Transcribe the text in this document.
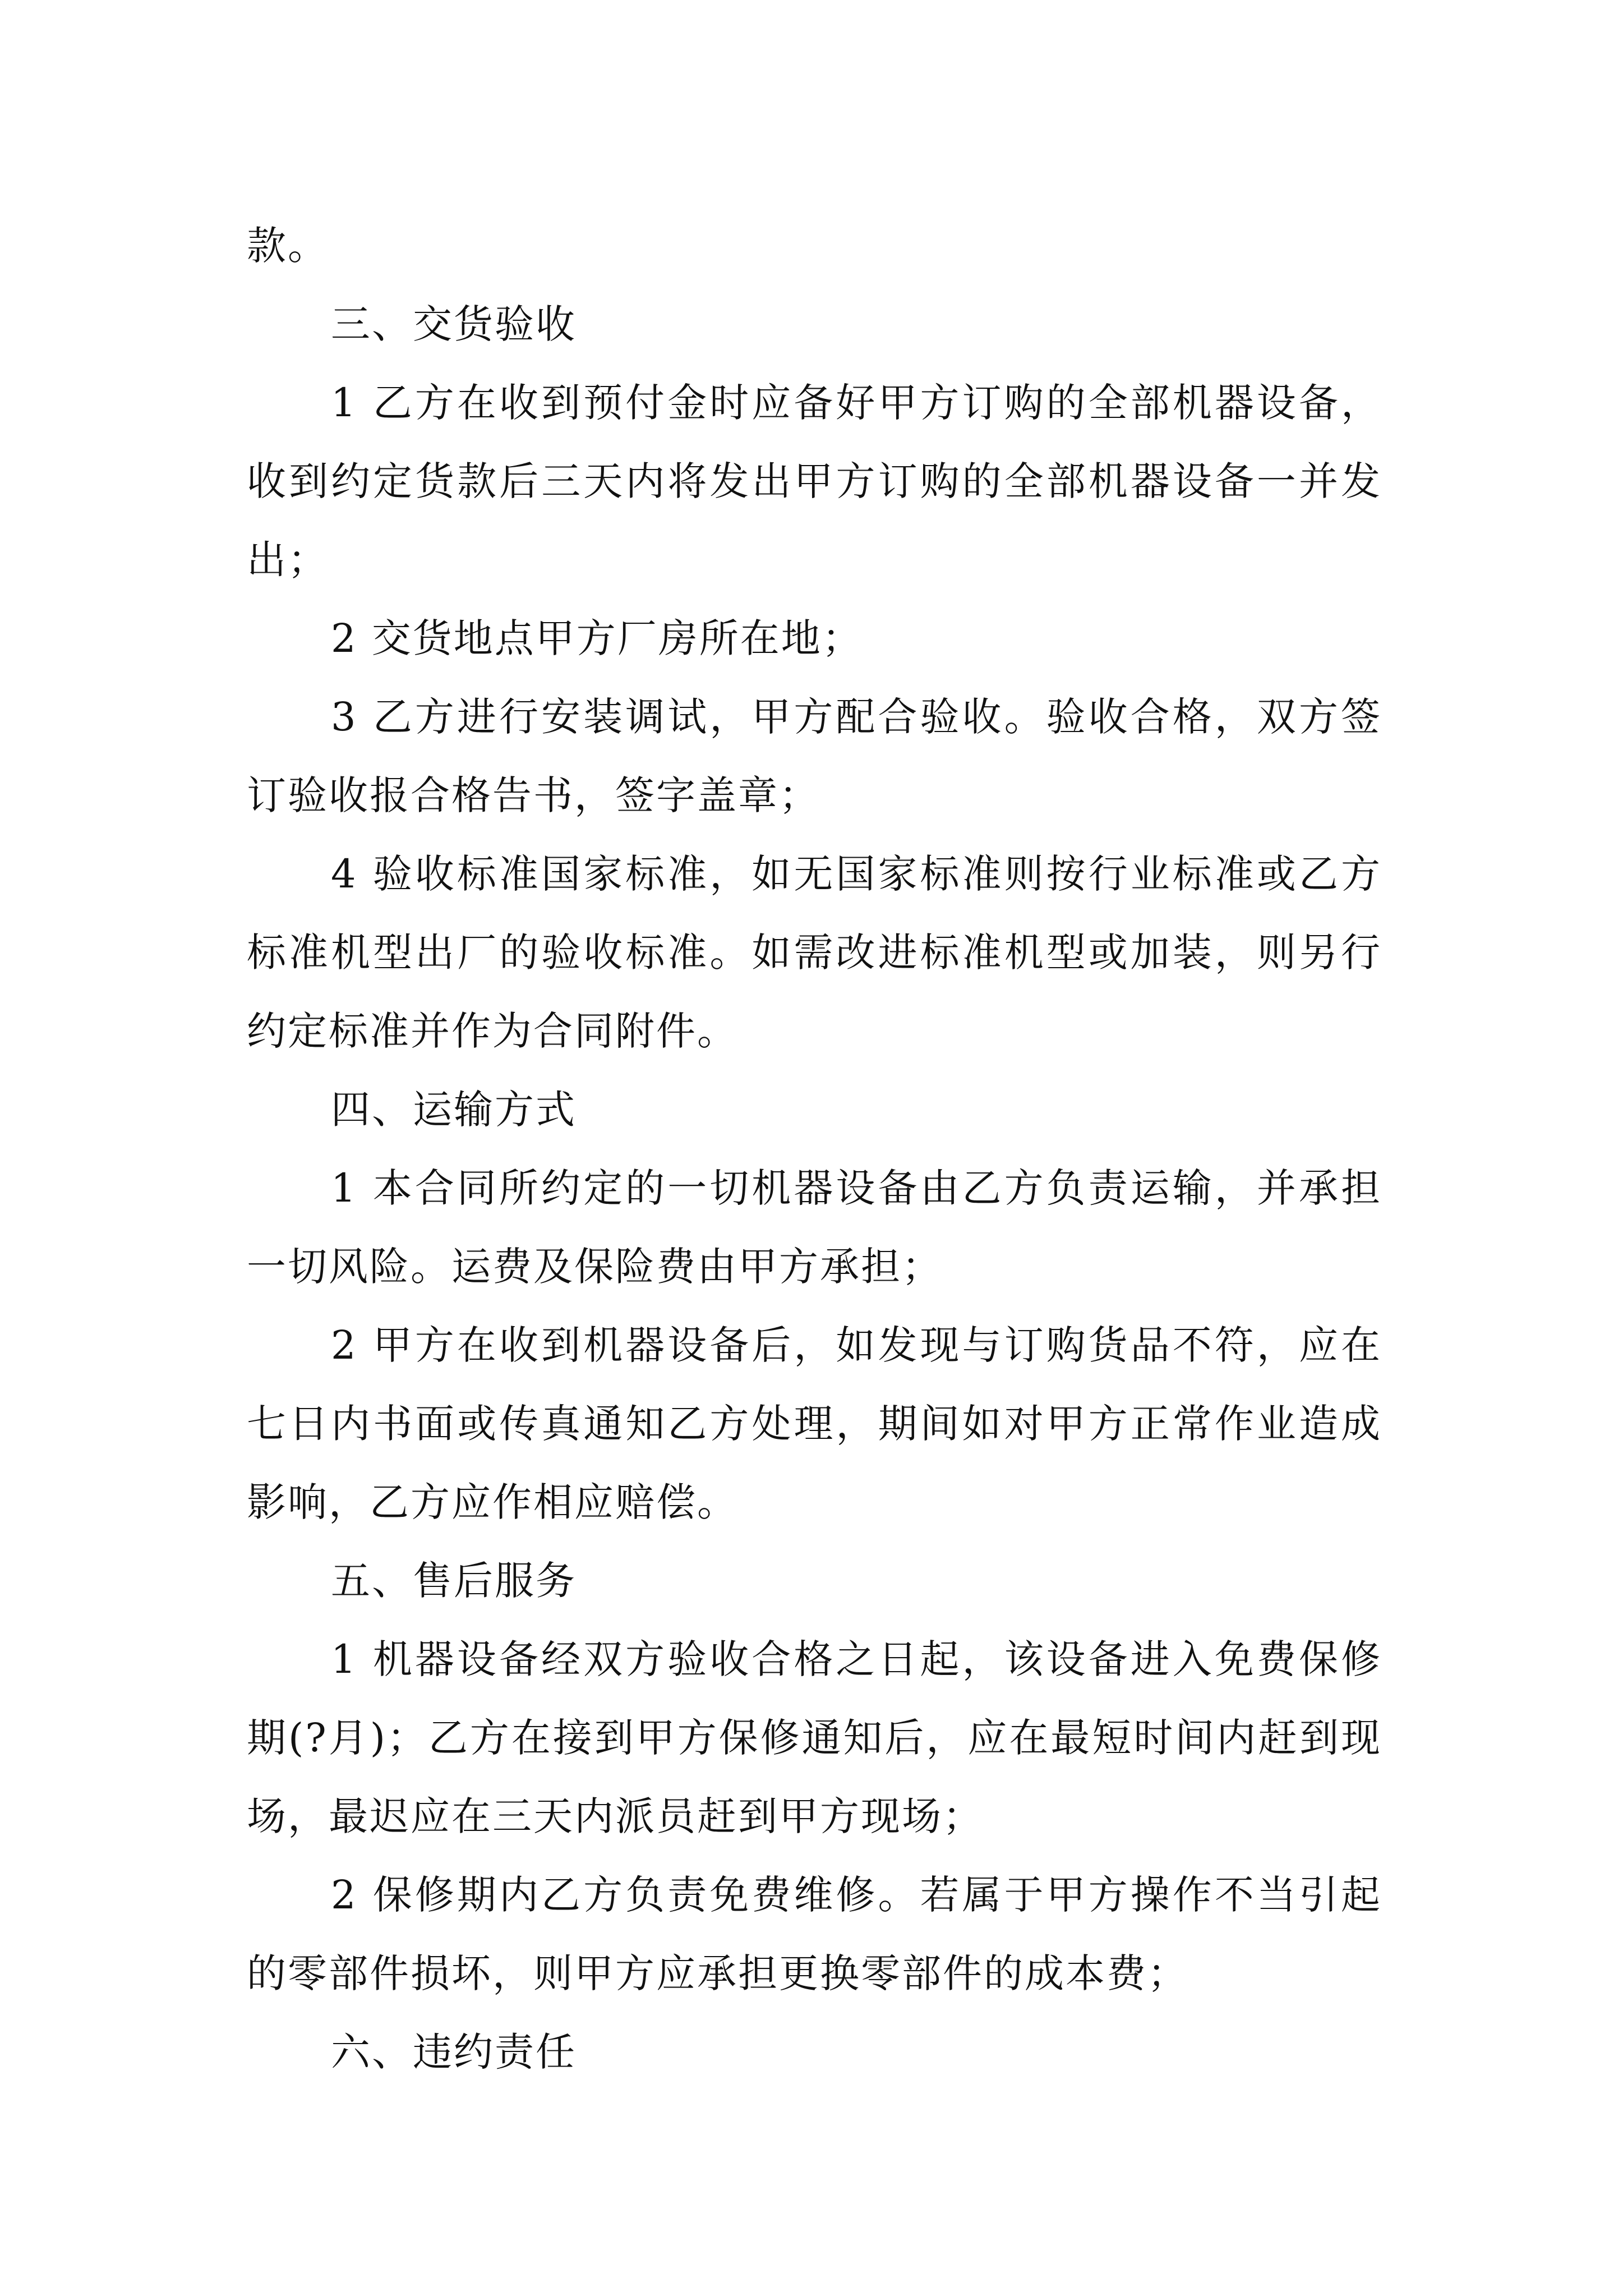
款。

三、交货验收

1 乙方在收到预付金时应备好甲方订购的全部机器设备，收到约定货款后三天内将发出甲方订购的全部机器设备一并发出；

2 交货地点甲方厂房所在地；

3 乙方进行安装调试，甲方配合验收。验收合格，双方签订验收报合格告书，签字盖章；

4 验收标准国家标准，如无国家标准则按行业标准或乙方标准机型出厂的验收标准。如需改进标准机型或加装，则另行约定标准并作为合同附件。

四、运输方式

1 本合同所约定的一切机器设备由乙方负责运输，并承担一切风险。运费及保险费由甲方承担；

2 甲方在收到机器设备后，如发现与订购货品不符，应在七日内书面或传真通知乙方处理，期间如对甲方正常作业造成影响，乙方应作相应赔偿。

五、售后服务

1 机器设备经双方验收合格之日起，该设备进入免费保修期(?月)；乙方在接到甲方保修通知后，应在最短时间内赶到现场，最迟应在三天内派员赶到甲方现场；

2 保修期内乙方负责免费维修。若属于甲方操作不当引起的零部件损坏，则甲方应承担更换零部件的成本费；

六、违约责任
